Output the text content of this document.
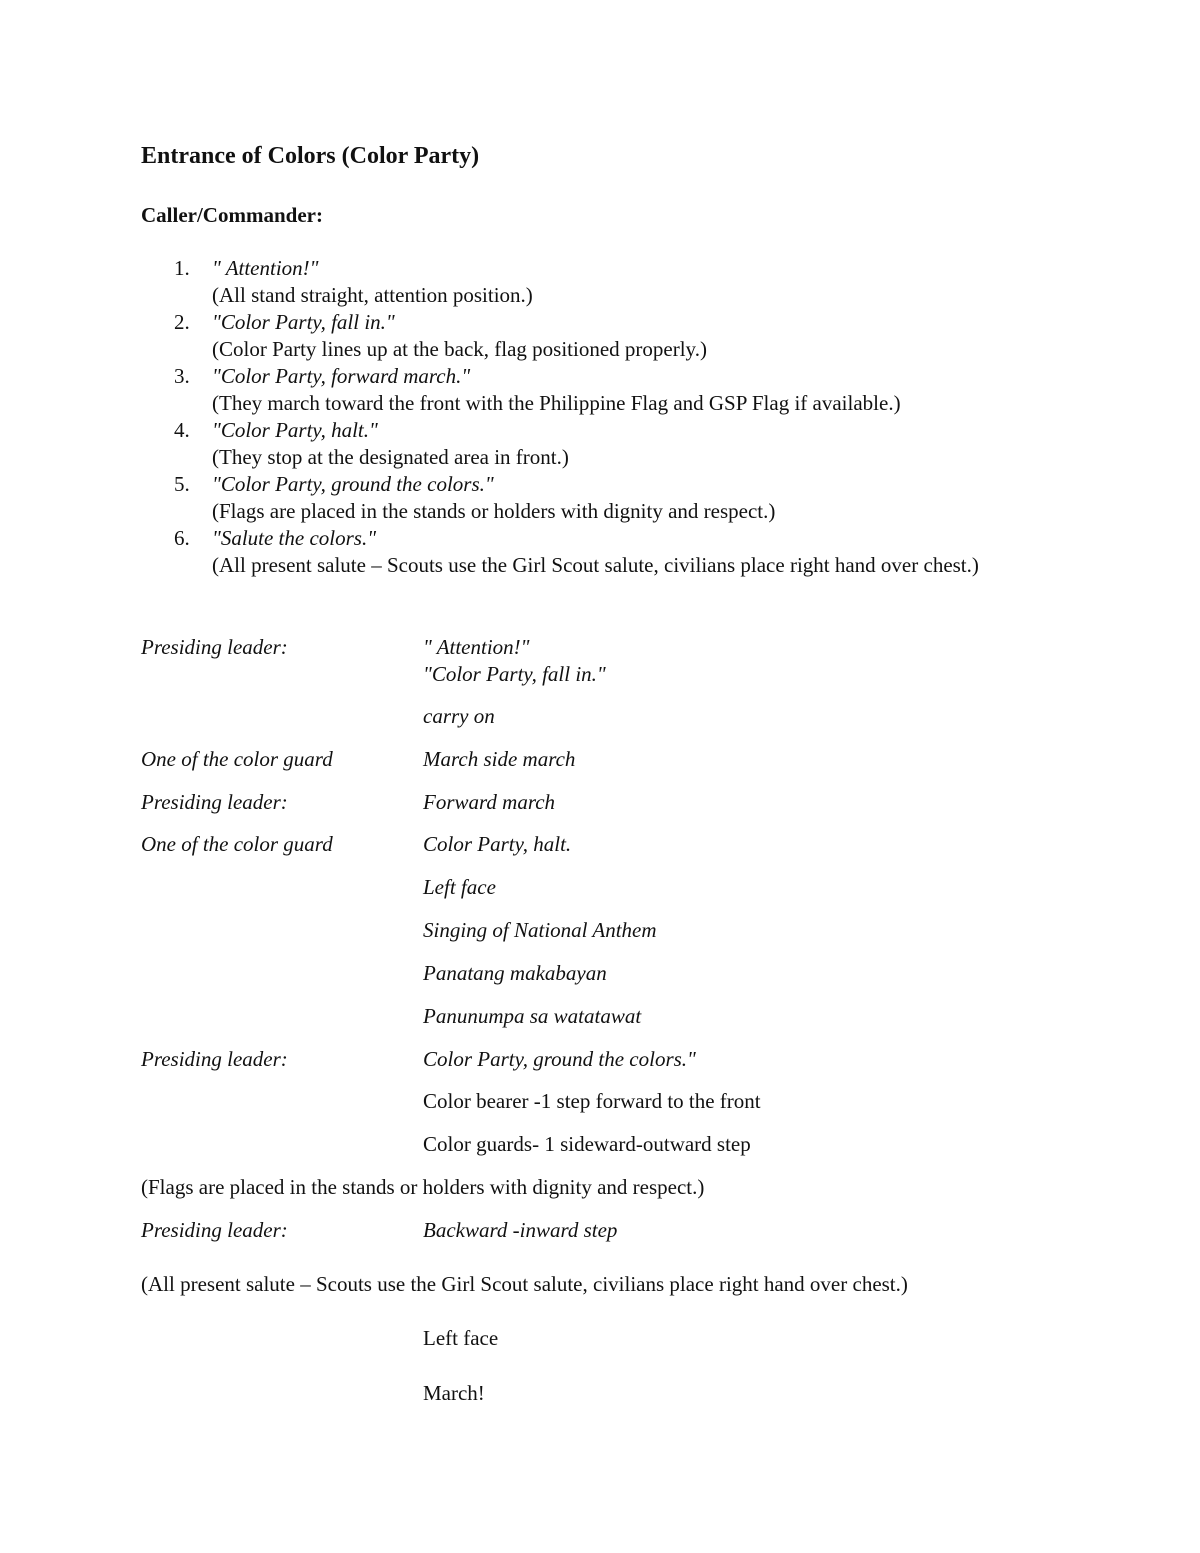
Entrance of Colors (Color Party)

Caller/Commander:

1. " Attention!"
(All stand straight, attention position.)
2. "Color Party, fall in."
(Color Party lines up at the back, flag positioned properly.)
3. "Color Party, forward march."
(They march toward the front with the Philippine Flag and GSP Flag if available.)
4. "Color Party, halt."
(They stop at the designated area in front.)
5. "Color Party, ground the colors."
(Flags are placed in the stands or holders with dignity and respect.)
6. "Salute the colors."
(All present salute – Scouts use the Girl Scout salute, civilians place right hand over chest.)
Presiding leader:	" Attention!"
"Color Party, fall in."
carry on
One of the color guard	March side march
Presiding leader:	Forward march
One of the color guard	Color Party, halt.
Left face
Singing of National Anthem
Panatang makabayan
Panunumpa sa watatawat
Presiding leader:	Color Party, ground the colors."
Color bearer -1 step forward to the front
Color guards- 1 sideward-outward step
(Flags are placed in the stands or holders with dignity and respect.)
Presiding leader:	Backward -inward step
(All present salute – Scouts use the Girl Scout salute, civilians place right hand over chest.)
Left face
March!
